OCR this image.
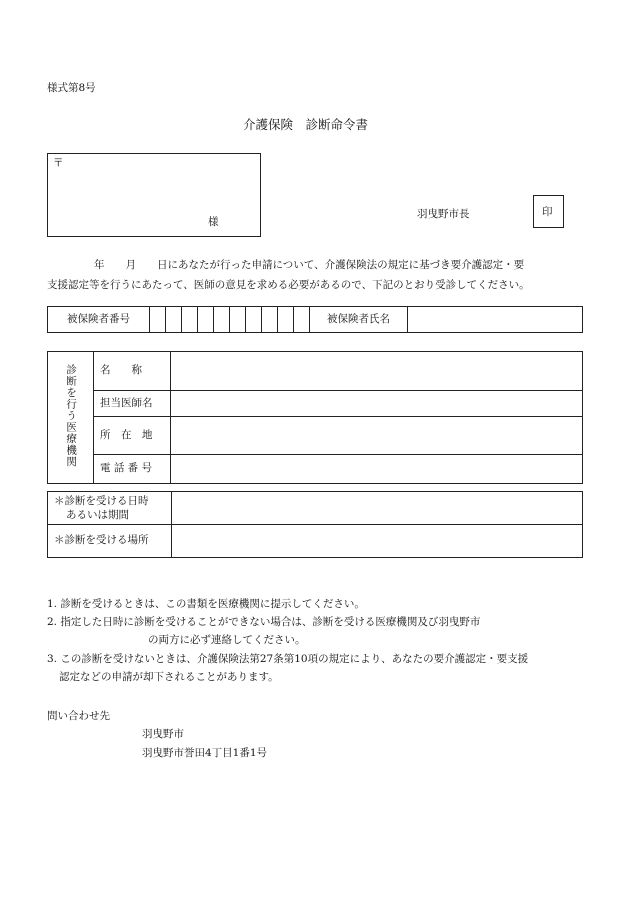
様式第8号
介護保険　診断命令書
〒
様
羽曳野市長	印
年　　月　　日にあなたが行った申請について、介護保険法の規定に基づき要介護認定・要
支援認定等を行うにあたって、医師の意見を求める必要があるので、下記のとおり受診してください。
被保険者番号											被保険者氏名	
診断を行う医療機関	名　　称	
	担当医師名	
	所　在　地	
	電 話 番 号	
＊診断を受ける日時
あるいは期間	

＊診断を受ける場所	
1. 診断を受けるときは、この書類を医療機関に提示してください。
2. 指定した日時に診断を受けることができない場合は、診断を受ける医療機関及び羽曳野市
の両方に必ず連絡してください。
3. この診断を受けないときは、介護保険法第27条第10項の規定により、あなたの要介護認定・要支援
認定などの申請が却下されることがあります。
問い合わせ先
羽曳野市
羽曳野市誉田4丁目1番1号
